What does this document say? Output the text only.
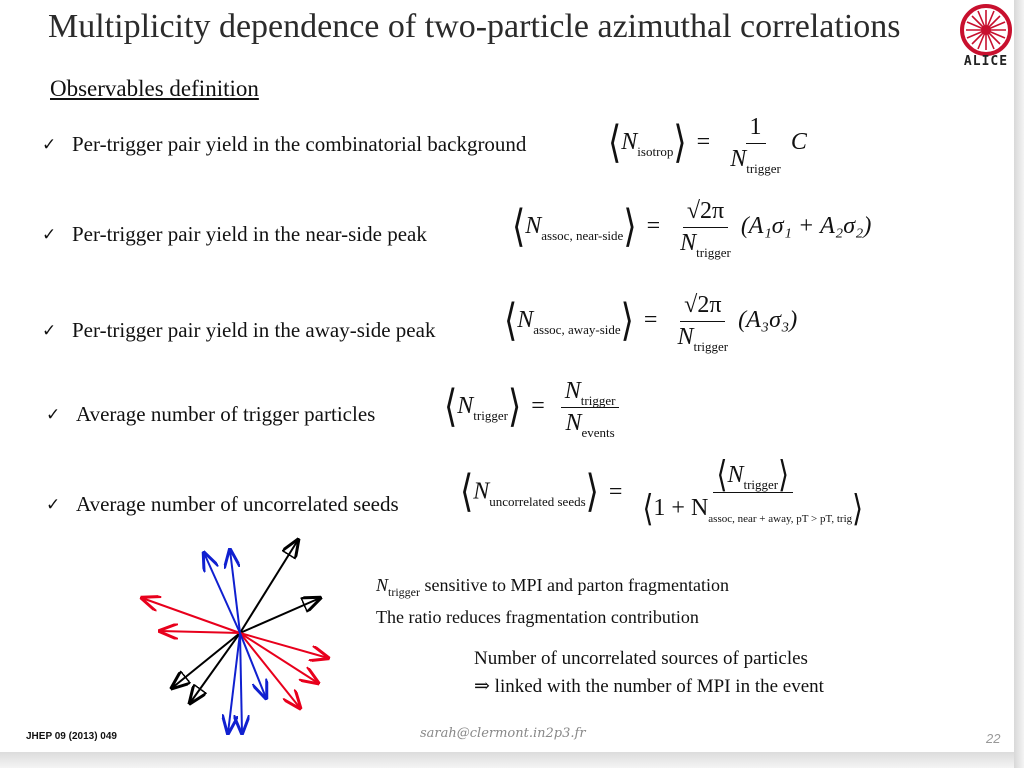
Multiplicity dependence of two-particle azimuthal correlations
ALICE
Observables definition
✓ Per-trigger pair yield in the combinatorial background $⟨N_{isotrop}⟩ = \frac{1}{N_{trigger}}$ C
✓ Per-trigger pair yield in the near-side peak	$⟨N_{assoc, near-side}⟩ = \frac{√2\pi}{N_{trigger}} (A_1\sigma_1 + A_2\sigma_2)$
✓ Per-trigger pair yield in the away-side peak $⟨N_{assoc, away-side}⟩ = \frac{√2\pi}{N_{trigger}} (A_3\sigma_3)$
✓ Average number of trigger particles $⟨N_{trigger}⟩ = \frac{N_{trigger}}{N_{events}}$
✓ Average number of uncorrelated seeds $⟨N_{uncorrelated seeds}⟩ = \frac{⟨N_{trigger}⟩}{⟨1 + N_{assoc, near + away, pT > pT, trig}⟩}$
$N_{trigger}$ sensitive to MPI and parton fragmentation
The ratio reduces fragmentation contribution
Number of uncorrelated sources of particles
⇒ linked with the number of MPI in the event
JHEP 09 (2013) 049	sarah@clermont.in2p3.fr	22
